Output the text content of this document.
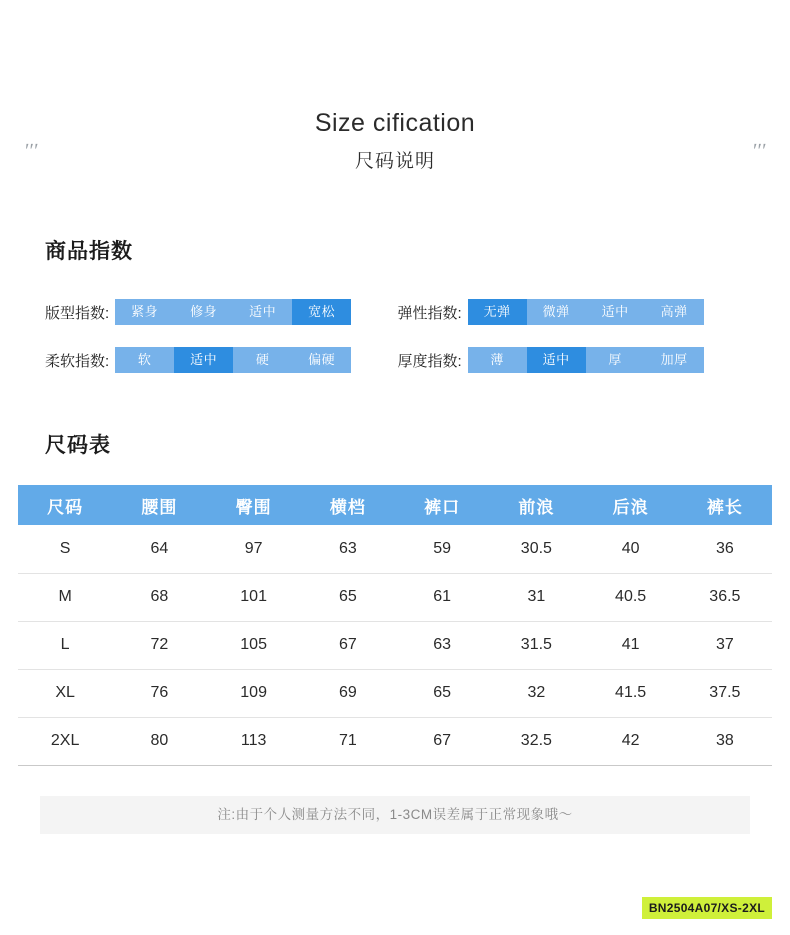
'''	'''
Size cification
尺码说明
商品指数
版型指数:	紧身	修身	适中	宽松	弹性指数:	无弹	微弹	适中	高弹
柔软指数:	软	适中	硬	偏硬	厚度指数:	薄	适中	厚	加厚
尺码表
尺码	腰围	臀围	横档	裤口	前浪	后浪	裤长
S	64	97	63	59	30.5	40	36
M	68	101	65	61	31	40.5	36.5
L	72	105	67	63	31.5	41	37
XL	76	109	69	65	32	41.5	37.5
2XL	80	113	71	67	32.5	42	38
注:由于个人测量方法不同，1-3CM误差属于正常现象哦～
BN2504A07/XS-2XL
